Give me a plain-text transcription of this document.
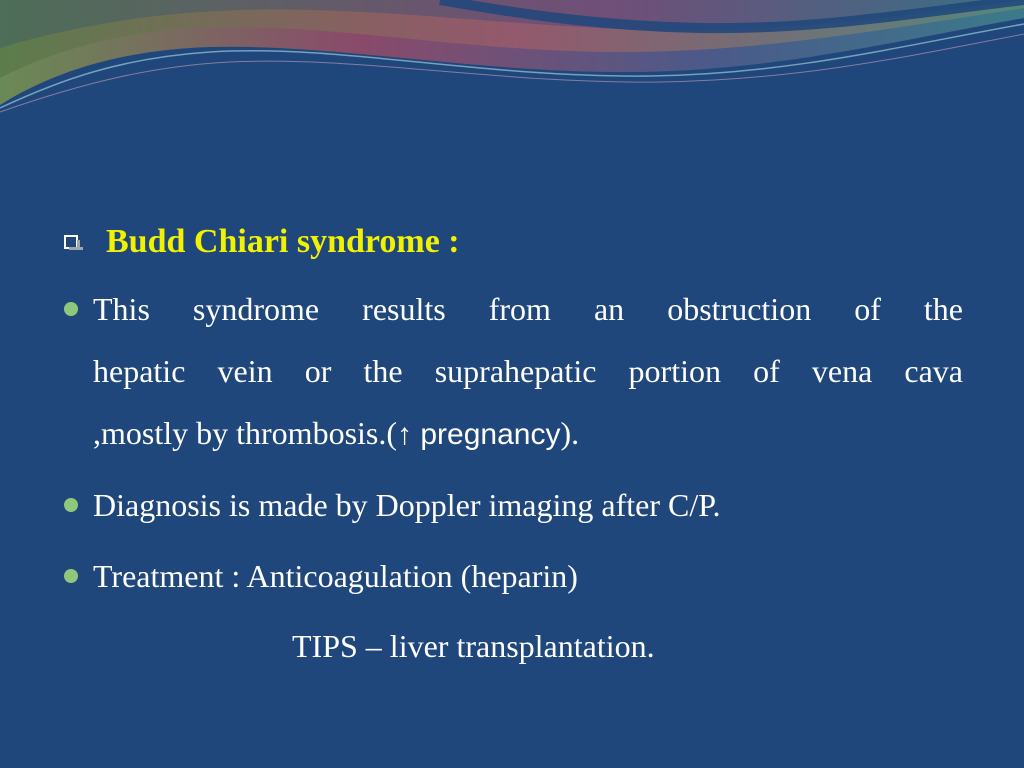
Budd Chiari syndrome :
This syndrome results from an obstruction of the
hepatic vein or the suprahepatic portion of vena cava
,mostly by thrombosis.(↑ pregnancy).
Diagnosis is made by Doppler imaging after C/P.
Treatment : Anticoagulation (heparin)
TIPS – liver transplantation.
